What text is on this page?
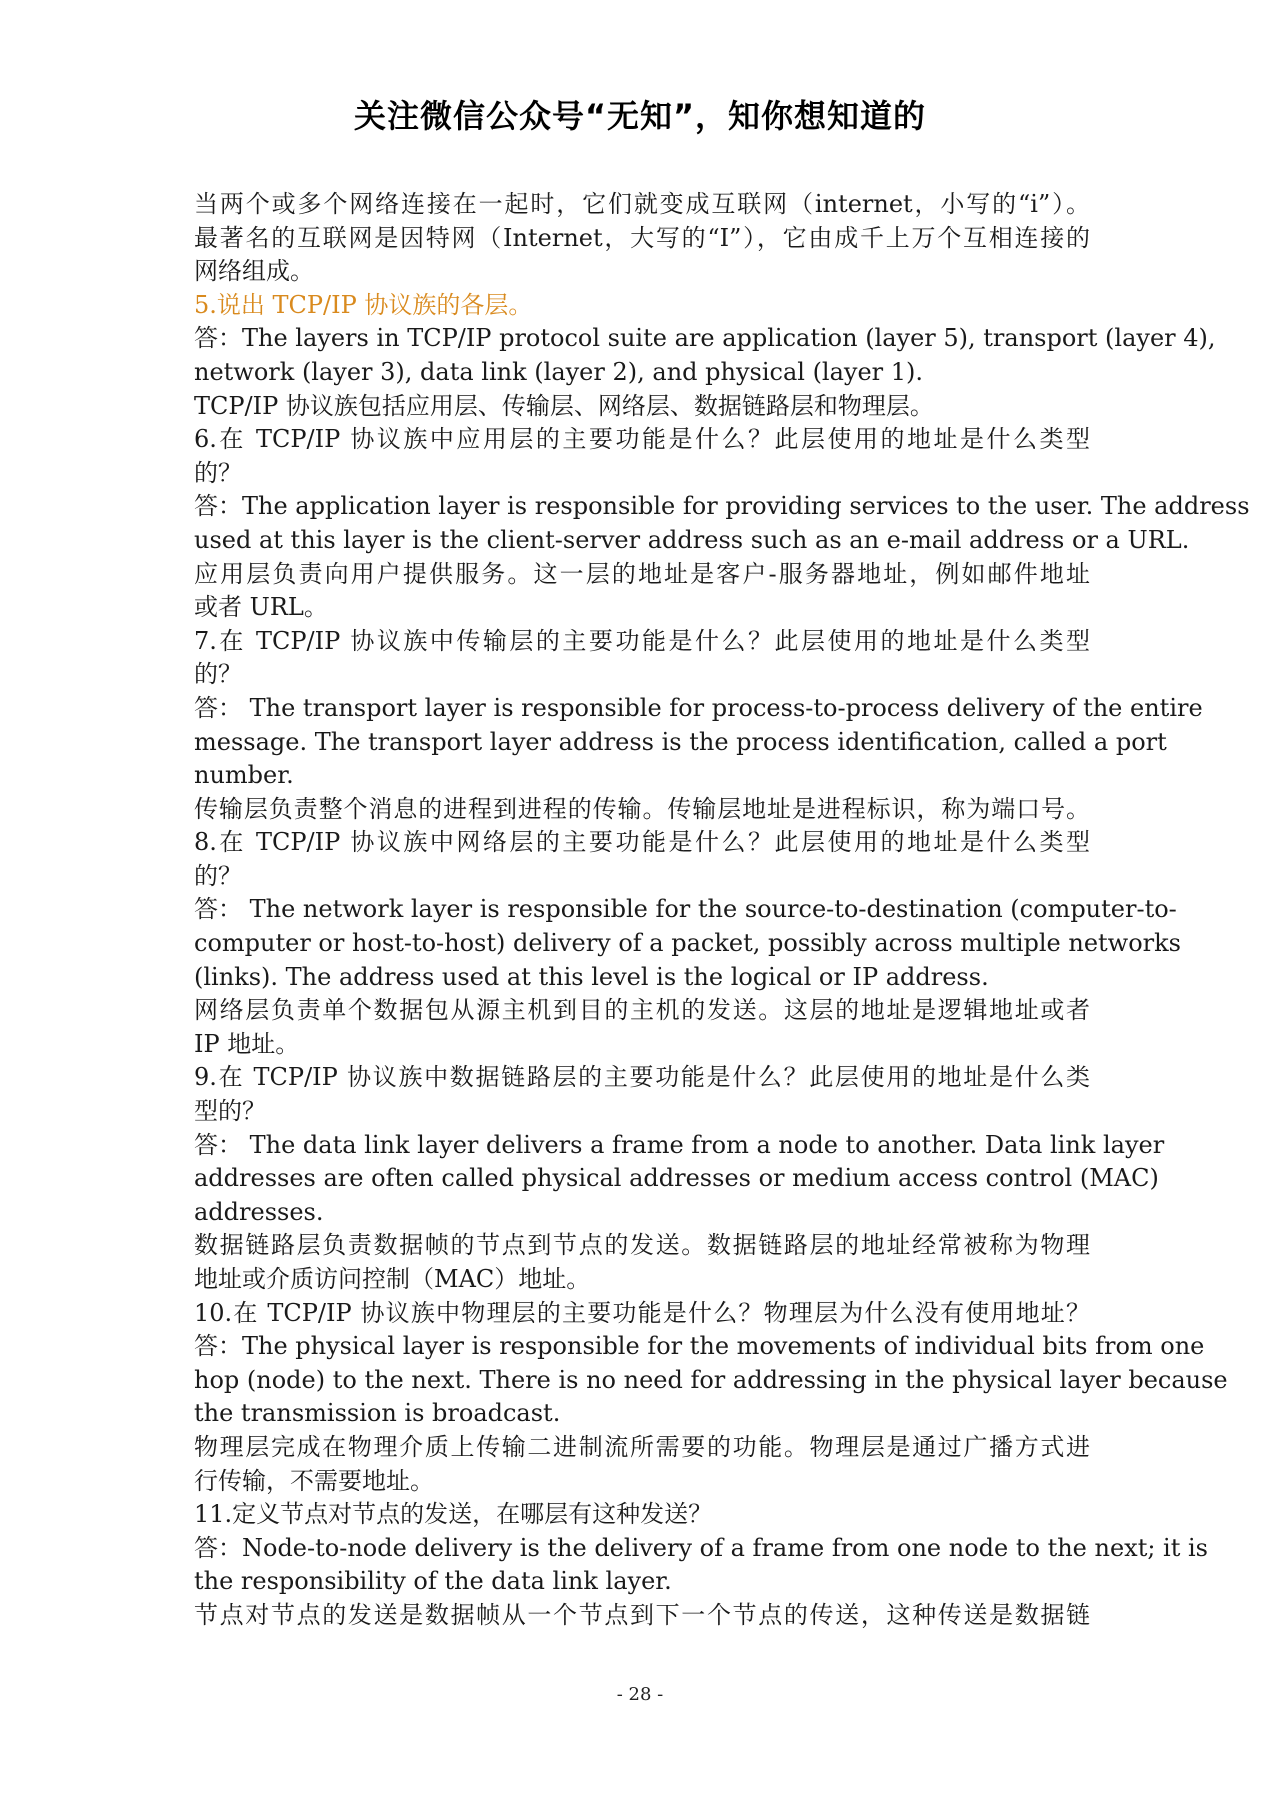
关注微信公众号“无知”，知你想知道的
当两个或多个网络连接在一起时，它们就变成互联网（internet，小写的“i”）。
最著名的互联网是因特网（Internet，大写的“I”），它由成千上万个互相连接的
网络组成。
5.说出 TCP/IP 协议族的各层。
答：The layers in TCP/IP protocol suite are application (layer 5), transport (layer 4),
network (layer 3), data link (layer 2), and physical (layer 1).
TCP/IP 协议族包括应用层、传输层、网络层、数据链路层和物理层。
6.在 TCP/IP 协议族中应用层的主要功能是什么？此层使用的地址是什么类型
的？
答：The application layer is responsible for providing services to the user. The address
used at this layer is the client-server address such as an e-mail address or a URL.
应用层负责向用户提供服务。这一层的地址是客户-服务器地址，例如邮件地址
或者 URL。
7.在 TCP/IP 协议族中传输层的主要功能是什么？此层使用的地址是什么类型
的？
答： The transport layer is responsible for process-to-process delivery of the entire
message. The transport layer address is the process identification, called a port
number.
传输层负责整个消息的进程到进程的传输。传输层地址是进程标识，称为端口号。
8.在 TCP/IP 协议族中网络层的主要功能是什么？此层使用的地址是什么类型
的？
答： The network layer is responsible for the source-to-destination (computer-to-
computer or host-to-host) delivery of a packet, possibly across multiple networks
(links). The address used at this level is the logical or IP address.
网络层负责单个数据包从源主机到目的主机的发送。这层的地址是逻辑地址或者
IP 地址。
9.在 TCP/IP 协议族中数据链路层的主要功能是什么？此层使用的地址是什么类
型的？
答： The data link layer delivers a frame from a node to another. Data link layer
addresses are often called physical addresses or medium access control (MAC)
addresses.
数据链路层负责数据帧的节点到节点的发送。数据链路层的地址经常被称为物理
地址或介质访问控制（MAC）地址。
10.在 TCP/IP 协议族中物理层的主要功能是什么？物理层为什么没有使用地址？
答：The physical layer is responsible for the movements of individual bits from one
hop (node) to the next. There is no need for addressing in the physical layer because
the transmission is broadcast.
物理层完成在物理介质上传输二进制流所需要的功能。物理层是通过广播方式进
行传输，不需要地址。
11.定义节点对节点的发送，在哪层有这种发送？
答：Node-to-node delivery is the delivery of a frame from one node to the next; it is
the responsibility of the data link layer.
节点对节点的发送是数据帧从一个节点到下一个节点的传送，这种传送是数据链
- 28 -
